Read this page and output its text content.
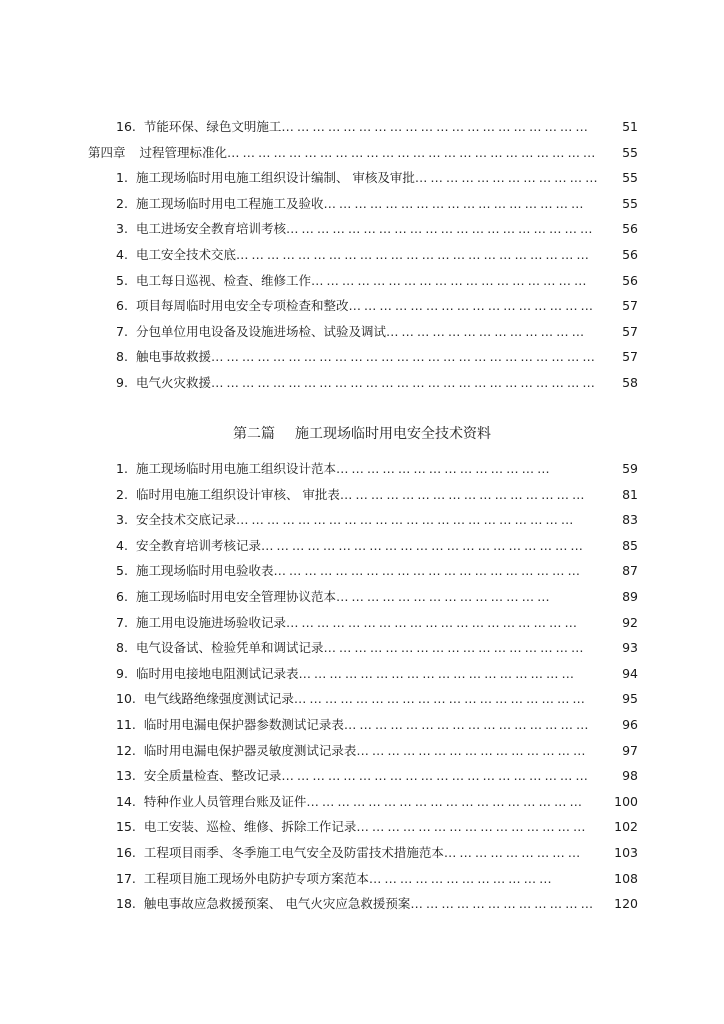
16. 节能环保、绿色文明施工… … … … … … … … … … … … … … … … … … … …	51
第四章 过程管理标准化… … … … … … … … … … … … … … … … … … … … … … … … 55
1. 施工现场临时用电施工组织设计编制、 审核及审批… … … … … … … … … … … … 55
2. 施工现场临时用电工程施工及验收… … … … … … … … … … … … … … … … …	55
3. 电工进场安全教育培训考核… … … … … … … … … … … … … … … … … … … … 56
4. 电工安全技术交底… … … … … … … … … … … … … … … … … … … … … … …	56
5. 电工每日巡视、检查、维修工作… … … … … … … … … … … … … … … … … …	56
6. 项目每周临时用电安全专项检查和整改… … … … … … … … … … … … … … … … 57
7. 分包单位用电设备及设施进场检、试验及调试… … … … … … … … … … … … …	57
8. 触电事故救援… … … … … … … … … … … … … … … … … … … … … … … … … 57
9. 电气火灾救援… … … … … … … … … … … … … … … … … … … … … … … … … 58
第二篇 施工现场临时用电安全技术资料
1. 施工现场临时用电施工组织设计范本… … … … … … … … … … … … … …	59
2. 临时用电施工组织设计审核、 审批表… … … … … … … … … … … … … … … …	81
3. 安全技术交底记录… … … … … … … … … … … … … … … … … … … … … …	83
4. 安全教育培训考核记录… … … … … … … … … … … … … … … … … … … … …	85
5. 施工现场临时用电验收表… … … … … … … … … … … … … … … … … … … …	87
6. 施工现场临时用电安全管理协议范本… … … … … … … … … … … … … …	89
7. 施工用电设施进场验收记录… … … … … … … … … … … … … … … … … … …	92
8. 电气设备试、检验凭单和调试记录… … … … … … … … … … … … … … … … …	93
9. 临时用电接地电阻测试记录表… … … … … … … … … … … … … … … … … …	94
10. 电气线路绝缘强度测试记录… … … … … … … … … … … … … … … … … … …	95
11. 临时用电漏电保护器参数测试记录表… … … … … … … … … … … … … … … …	96
12. 临时用电漏电保护器灵敏度测试记录表… … … … … … … … … … … … … … …	97
13. 安全质量检查、整改记录… … … … … … … … … … … … … … … … … … … …	98
14. 特种作业人员管理台账及证件… … … … … … … … … … … … … … … … … …	100
15. 电工安装、巡检、维修、拆除工作记录… … … … … … … … … … … … … … … 102
16. 工程项目雨季、冬季施工电气安全及防雷技术措施范本… … … … … … … … …	103
17. 工程项目施工现场外电防护专项方案范本… … … … … … … … … … … …	108
18. 触电事故应急救援预案、 电气火灾应急救援预案… … … … … … … … … … … … 120
